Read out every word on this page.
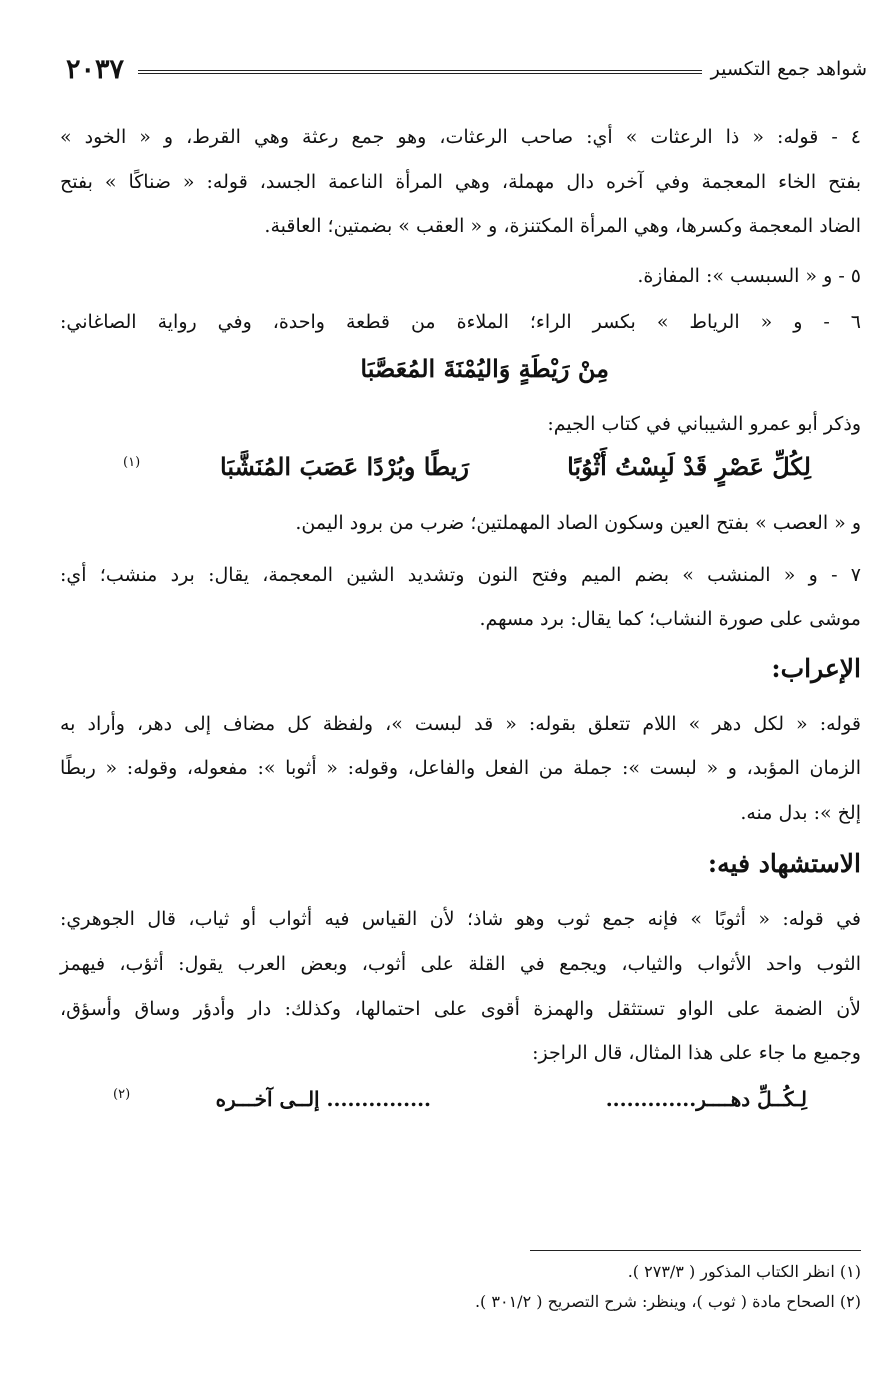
شواهد جمع التكسير
٢٠٣٧
٤ - قوله: « ذا الرعثات » أي: صاحب الرعثات، وهو جمع رعثة وهي القرط، و « الخود »
بفتح الخاء المعجمة وفي آخره دال مهملة، وهي المرأة الناعمة الجسد، قوله: « ضناكًا » بفتح
الضاد المعجمة وكسرها، وهي المرأة المكتنزة، و « العقب » بضمتين؛ العاقبة.
٥ - و « السبسب »: المفازة.
٦ - و « الرياط » بكسر الراء؛ الملاءة من قطعة واحدة، وفي رواية الصاغاني:
مِنْ رَيْطَةٍ وَاليُمْنَةَ المُعَصَّبَا
وذكر أبو عمرو الشيباني في كتاب الجيم:
لِكُلِّ عَصْرٍ قَدْ لَبِسْتُ أَثْوُبًا
رَيطًا وبُرْدًا عَصَبَ المُنَشَّبَا
(١)
و « العصب » بفتح العين وسكون الصاد المهملتين؛ ضرب من برود اليمن.
٧ - و « المنشب » بضم الميم وفتح النون وتشديد الشين المعجمة، يقال: برد منشب؛ أي:
موشى على صورة النشاب؛ كما يقال: برد مسهم.
الإعراب:
قوله: « لكل دهر » اللام تتعلق بقوله: « قد لبست »، ولفظة كل مضاف إلى دهر، وأراد به
الزمان المؤبد، و « لبست »: جملة من الفعل والفاعل، وقوله: « أثوبا »: مفعوله، وقوله: « ربطًا
إلخ »: بدل منه.
الاستشهاد فيه:
في قوله: « أثوبًا » فإنه جمع ثوب وهو شاذ؛ لأن القياس فيه أثواب أو ثياب، قال الجوهري:
الثوب واحد الأثواب والثياب، ويجمع في القلة على أثوب، وبعض العرب يقول: أثؤب، فيهمز
لأن الضمة على الواو تستثقل والهمزة أقوى على احتمالها، وكذلك: دار وأدؤر وساق وأسؤق،
وجميع ما جاء على هذا المثال، قال الراجز:
لِـكُــلِّ دهــــر.............
............... إلــى آخـــره
(٢)
(١) انظر الكتاب المذكور ( ٢٧٣/٣ ).
(٢) الصحاح مادة ( ثوب )، وينظر: شرح التصريح ( ٣٠١/٢ ).
